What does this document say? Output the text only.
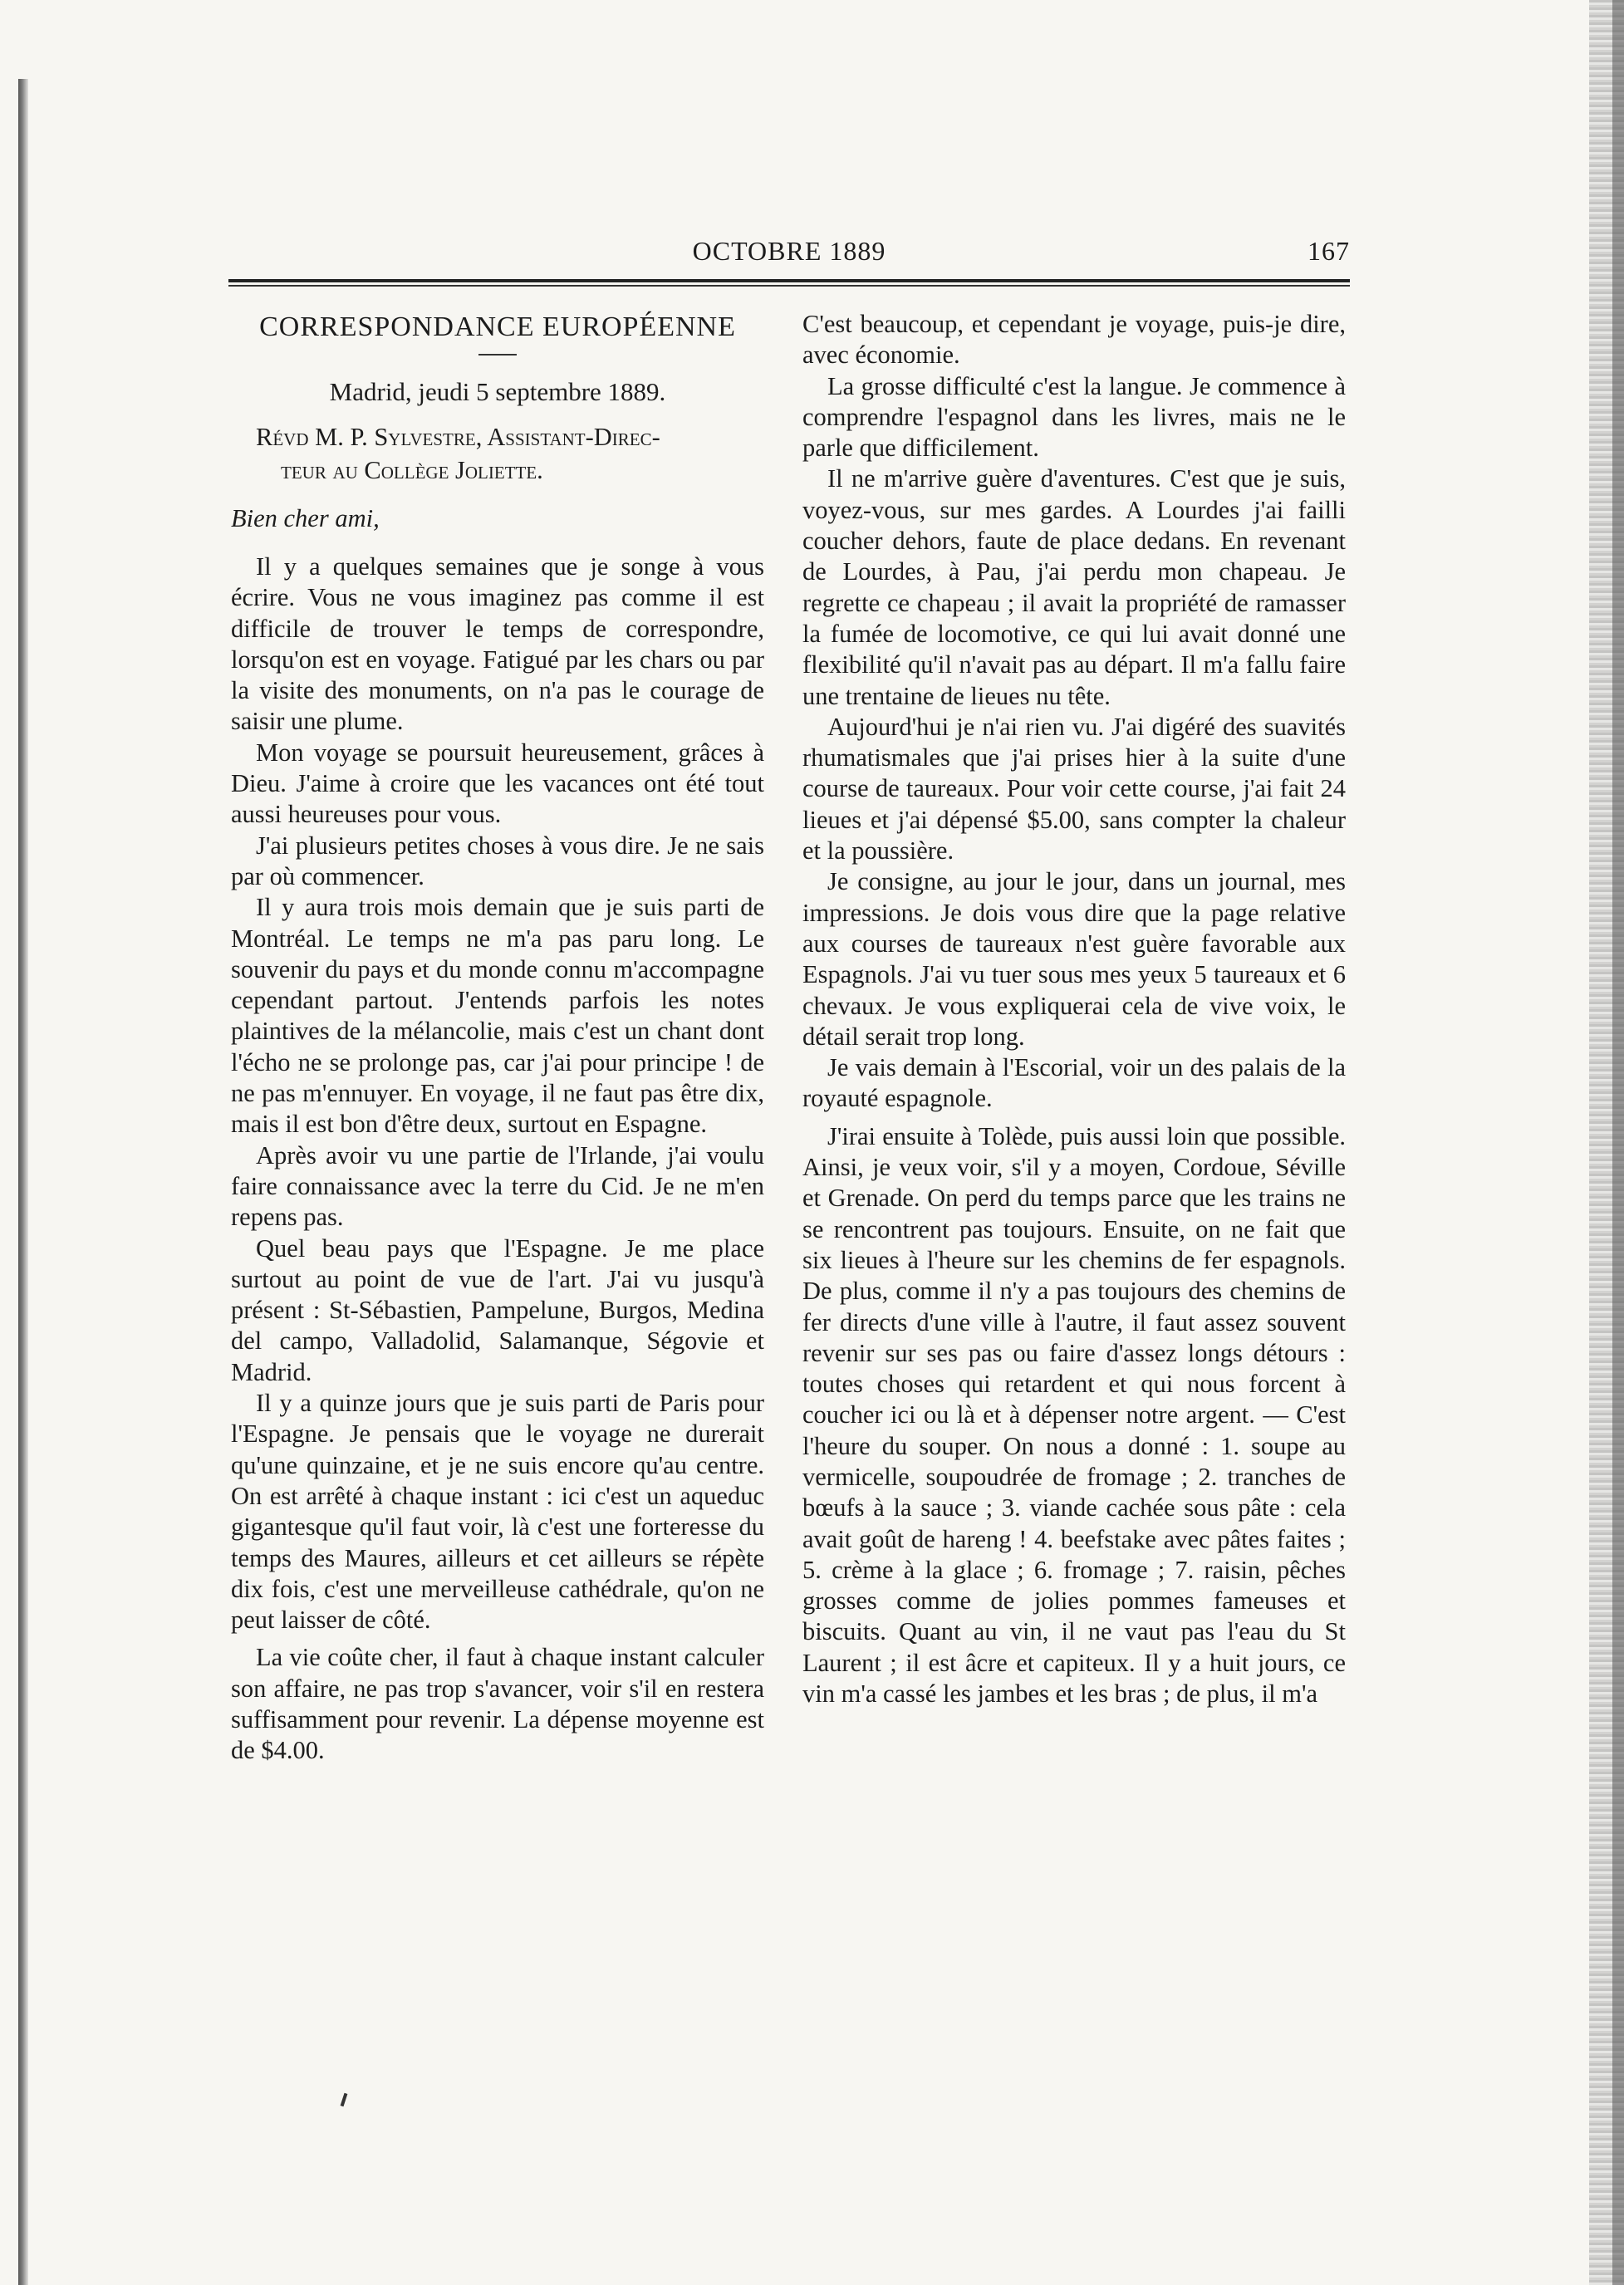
OCTOBRE 1889	167
CORRESPONDANCE EUROPÉENNE
Madrid, jeudi 5 septembre 1889.
Révd M. P. Sylvestre, Assistant-Direc-
teur au Collège Joliette.

Bien cher ami,

Il y a quelques semaines que je songe à vous écrire. Vous ne vous imaginez pas comme il est difficile de trouver le temps de correspondre, lorsqu'on est en voyage. Fatigué par les chars ou par la visite des monuments, on n'a pas le courage de saisir une plume.

Mon voyage se poursuit heureusement, grâces à Dieu. J'aime à croire que les vacances ont été tout aussi heureuses pour vous.

J'ai plusieurs petites choses à vous dire. Je ne sais par où commencer.

Il y aura trois mois demain que je suis parti de Montréal. Le temps ne m'a pas paru long. Le souvenir du pays et du monde connu m'accompagne cependant partout. J'entends parfois les notes plaintives de la mélancolie, mais c'est un chant dont l'écho ne se prolonge pas, car j'ai pour principe ! de ne pas m'ennuyer. En voyage, il ne faut pas être dix, mais il est bon d'être deux, surtout en Espagne.

Après avoir vu une partie de l'Irlande, j'ai voulu faire connaissance avec la terre du Cid. Je ne m'en repens pas.

Quel beau pays que l'Espagne. Je me place surtout au point de vue de l'art. J'ai vu jusqu'à présent : St-Sébastien, Pampelune, Burgos, Medina del campo, Valladolid, Salamanque, Ségovie et Madrid.

Il y a quinze jours que je suis parti de Paris pour l'Espagne. Je pensais que le voyage ne durerait qu'une quinzaine, et je ne suis encore qu'au centre. On est arrêté à chaque instant : ici c'est un aqueduc gigantesque qu'il faut voir, là c'est une forteresse du temps des Maures, ailleurs et cet ailleurs se répète dix fois, c'est une merveilleuse cathédrale, qu'on ne peut laisser de côté.

La vie coûte cher, il faut à chaque instant calculer son affaire, ne pas trop s'avancer, voir s'il en restera suffisamment pour revenir. La dépense moyenne est de $4.00.

C'est beaucoup, et cependant je voyage, puis-je dire, avec économie.

La grosse difficulté c'est la langue. Je commence à comprendre l'espagnol dans les livres, mais ne le parle que difficilement.

Il ne m'arrive guère d'aventures. C'est que je suis, voyez-vous, sur mes gardes. A Lourdes j'ai failli coucher dehors, faute de place dedans. En revenant de Lourdes, à Pau, j'ai perdu mon chapeau. Je regrette ce chapeau ; il avait la propriété de ramasser la fumée de locomotive, ce qui lui avait donné une flexibilité qu'il n'avait pas au départ. Il m'a fallu faire une trentaine de lieues nu tête.

Aujourd'hui je n'ai rien vu. J'ai digéré des suavités rhumatismales que j'ai prises hier à la suite d'une course de taureaux. Pour voir cette course, j'ai fait 24 lieues et j'ai dépensé $5.00, sans compter la chaleur et la poussière.

Je consigne, au jour le jour, dans un journal, mes impressions. Je dois vous dire que la page relative aux courses de taureaux n'est guère favorable aux Espagnols. J'ai vu tuer sous mes yeux 5 taureaux et 6 chevaux. Je vous expliquerai cela de vive voix, le détail serait trop long.

Je vais demain à l'Escorial, voir un des palais de la royauté espagnole.

J'irai ensuite à Tolède, puis aussi loin que possible. Ainsi, je veux voir, s'il y a moyen, Cordoue, Séville et Grenade. On perd du temps parce que les trains ne se rencontrent pas toujours. Ensuite, on ne fait que six lieues à l'heure sur les chemins de fer espagnols. De plus, comme il n'y a pas toujours des chemins de fer directs d'une ville à l'autre, il faut assez souvent revenir sur ses pas ou faire d'assez longs détours : toutes choses qui retardent et qui nous forcent à coucher ici ou là et à dépenser notre argent. — C'est l'heure du souper. On nous a donné : 1. soupe au vermicelle, soupoudrée de fromage ; 2. tranches de bœufs à la sauce ; 3. viande cachée sous pâte : cela avait goût de hareng ! 4. beefstake avec pâtes faites ; 5. crème à la glace ; 6. fromage ; 7. raisin, pêches grosses comme de jolies pommes fameuses et biscuits. Quant au vin, il ne vaut pas l'eau du St Laurent ; il est âcre et capiteux. Il y a huit jours, ce vin m'a cassé les jambes et les bras ; de plus, il m'a
